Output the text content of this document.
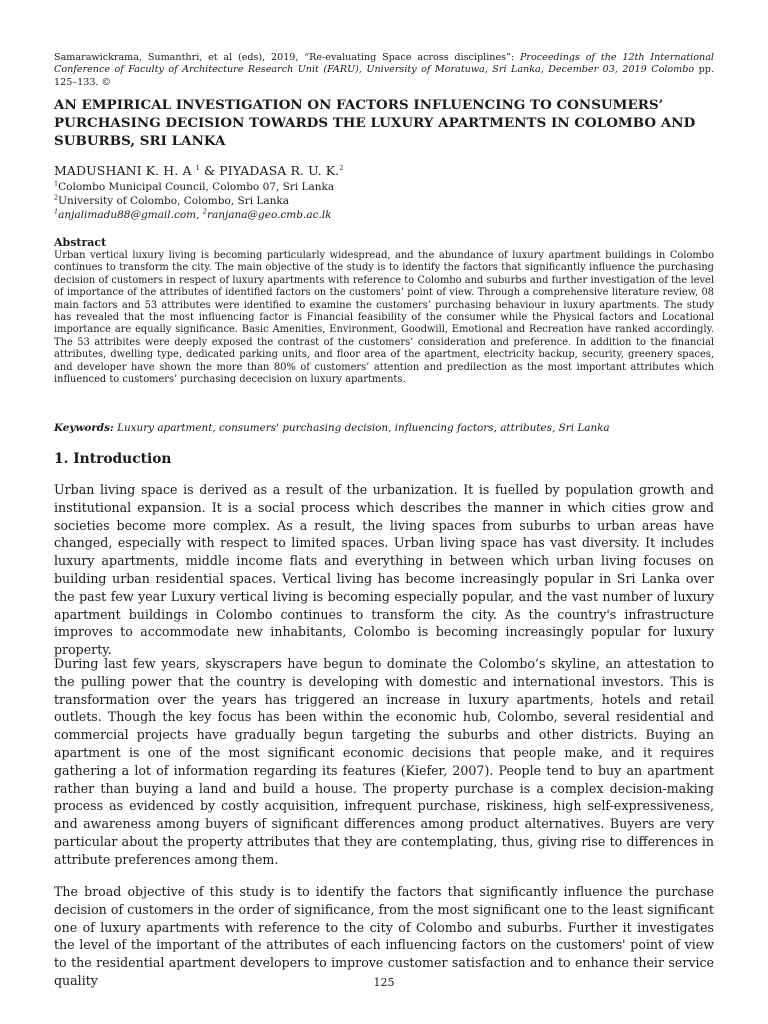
Samarawickrama, Sumanthri, et al (eds), 2019, “Re-evaluating Space across disciplines”: Proceedings of the 12th International Conference of Faculty of Architecture Research Unit (FARU), University of Moratuwa, Sri Lanka, December 03, 2019 Colombo pp. 125–133. ©
AN EMPIRICAL INVESTIGATION ON FACTORS INFLUENCING TO CONSUMERS’ PURCHASING DECISION TOWARDS THE LUXURY APARTMENTS IN COLOMBO AND SUBURBS, SRI LANKA
MADUSHANI K. H. A $^1$ & PIYADASA R. U. K.$^2$
$^1$Colombo Municipal Council, Colombo 07, Sri Lanka
$^2$University of Colombo, Colombo, Sri Lanka
$^1$anjalimadu88@gmail.com, $^2$ranjana@geo.cmb.ac.lk
Abstract
Urban vertical luxury living is becoming particularly widespread, and the abundance of luxury apartment buildings in Colombo continues to transform the city. The main objective of the study is to identify the factors that significantly influence the purchasing decision of customers in respect of luxury apartments with reference to Colombo and suburbs and further investigation of the level of importance of the attributes of identified factors on the customers’ point of view. Through a comprehensive literature review, 08 main factors and 53 attributes were identified to examine the customers’ purchasing behaviour in luxury apartments. The study has revealed that the most influencing factor is Financial feasibility of the consumer while the Physical factors and Locational importance are equally significance. Basic Amenities, Environment, Goodwill, Emotional and Recreation have ranked accordingly. The 53 attribites were deeply exposed the contrast of the customers’ consideration and preference. In addition to the financial attributes, dwelling type, dedicated parking units, and floor area of the apartment, electricity backup, security, greenery spaces, and developer have shown the more than 80% of customers’ attention and predilection as the most important attributes which influenced to customers’ purchasing dececision on luxury apartments.
Keywords: Luxury apartment, consumers' purchasing decision, influencing factors, attributes, Sri Lanka
1. Introduction
Urban living space is derived as a result of the urbanization. It is fuelled by population growth and institutional expansion. It is a social process which describes the manner in which cities grow and societies become more complex. As a result, the living spaces from suburbs to urban areas have changed, especially with respect to limited spaces. Urban living space has vast diversity. It includes luxury apartments, middle income flats and everything in between which urban living focuses on building urban residential spaces. Vertical living has become increasingly popular in Sri Lanka over the past few year Luxury vertical living is becoming especially popular, and the vast number of luxury apartment buildings in Colombo continues to transform the city. As the country's infrastructure improves to accommodate new inhabitants, Colombo is becoming increasingly popular for luxury property.
During last few years, skyscrapers have begun to dominate the Colombo’s skyline, an attestation to the pulling power that the country is developing with domestic and international investors. This is transformation over the years has triggered an increase in luxury apartments, hotels and retail outlets. Though the key focus has been within the economic hub, Colombo, several residential and commercial projects have gradually begun targeting the suburbs and other districts. Buying an apartment is one of the most significant economic decisions that people make, and it requires gathering a lot of information regarding its features (Kiefer, 2007). People tend to buy an apartment rather than buying a land and build a house. The property purchase is a complex decision-making process as evidenced by costly acquisition, infrequent purchase, riskiness, high self-expressiveness, and awareness among buyers of significant differences among product alternatives. Buyers are very particular about the property attributes that they are contemplating, thus, giving rise to differences in attribute preferences among them.
The broad objective of this study is to identify the factors that significantly influence the purchase decision of customers in the order of significance, from the most significant one to the least significant one of luxury apartments with reference to the city of Colombo and suburbs. Further it investigates the level of the important of the attributes of each influencing factors on the customers' point of view to the residential apartment developers to improve customer satisfaction and to enhance their service quality	125
